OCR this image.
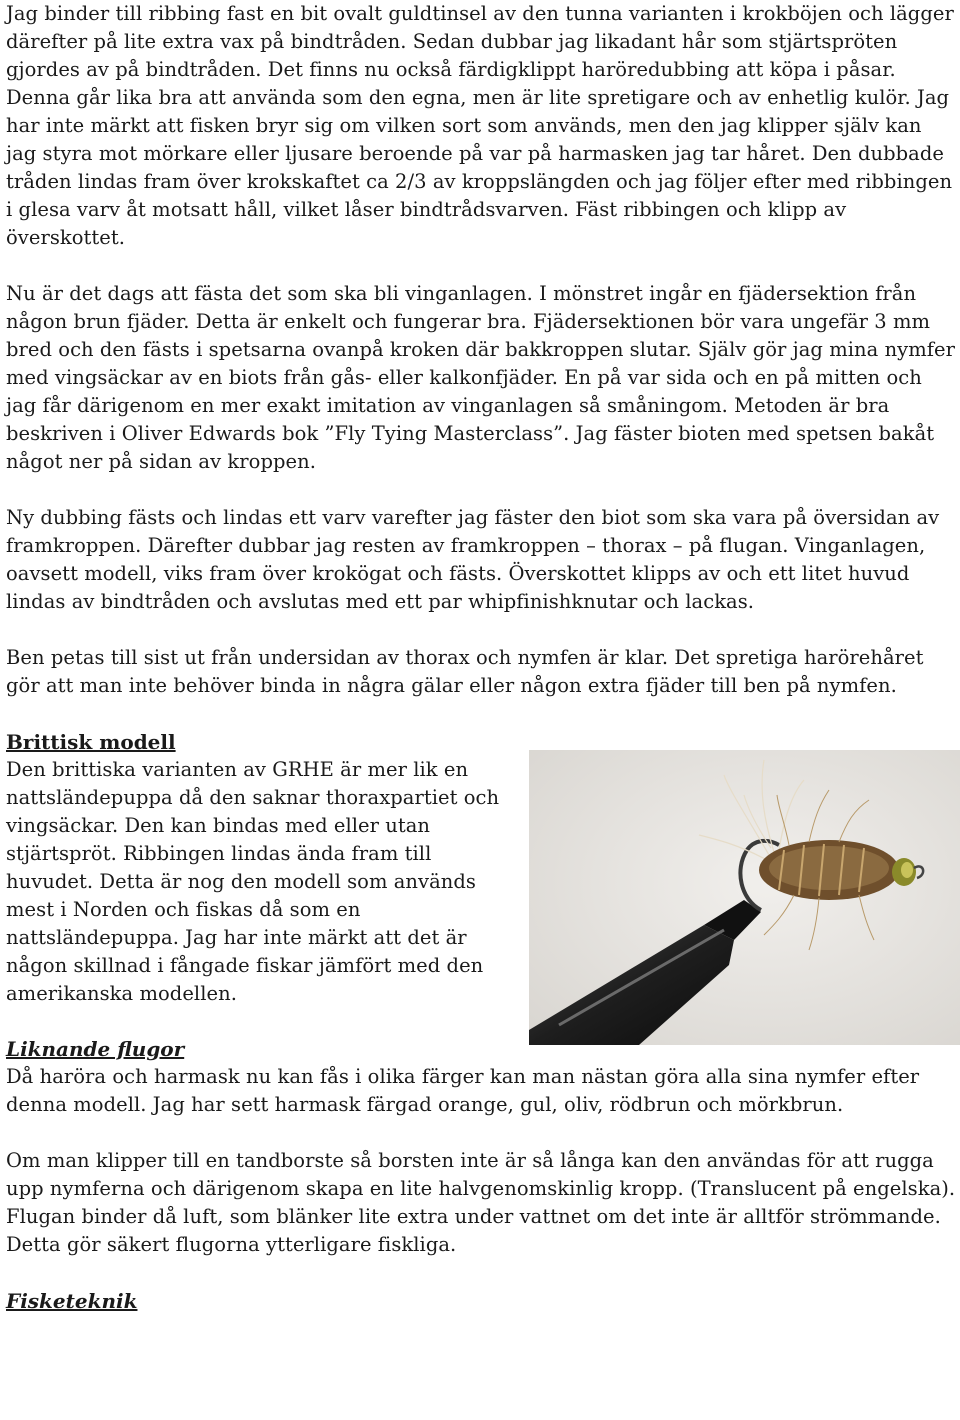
Jag binder till ribbing fast en bit ovalt guldtinsel av den tunna varianten i krokböjen och lägger därefter på lite extra vax på bindtråden. Sedan dubbar jag likadant hår som stjärtspröten gjordes av på bindtråden. Det finns nu också färdigklippt haröredubbing att köpa i påsar. Denna går lika bra att använda som den egna, men är lite spretigare och av enhetlig kulör. Jag har inte märkt att fisken bryr sig om vilken sort som används, men den jag klipper själv kan jag styra mot mörkare eller ljusare beroende på var på harmasken jag tar håret. Den dubbade tråden lindas fram över krokskaftet ca 2/3 av kroppslängden och jag följer efter med ribbingen i glesa varv åt motsatt håll, vilket låser bindtrådsvarven. Fäst ribbingen och klipp av överskottet.

Nu är det dags att fästa det som ska bli vinganlagen. I mönstret ingår en fjädersektion från någon brun fjäder. Detta är enkelt och fungerar bra. Fjädersektionen bör vara ungefär 3 mm bred och den fästs i spetsarna ovanpå kroken där bakkroppen slutar. Själv gör jag mina nymfer med vingsäckar av en biots från gås- eller kalkonfjäder. En på var sida och en på mitten och jag får därigenom en mer exakt imitation av vinganlagen så småningom. Metoden är bra beskriven i Oliver Edwards bok ”Fly Tying Masterclass”. Jag fäster bioten med spetsen bakåt något ner på sidan av kroppen.

Ny dubbing fästs och lindas ett varv varefter jag fäster den biot som ska vara på översidan av framkroppen. Därefter dubbar jag resten av framkroppen – thorax – på flugan. Vinganlagen, oavsett modell, viks fram över krokögat och fästs. Överskottet klipps av och ett litet huvud lindas av bindtråden och avslutas med ett par whipfinishknutar och lackas.

Ben petas till sist ut från undersidan av thorax och nymfen är klar. Det spretiga harörehåret gör att man inte behöver binda in några gälar eller någon extra fjäder till ben på nymfen.

Brittisk modell

Den brittiska varianten av GRHE är mer lik en nattsländepuppa då den saknar thoraxpartiet och vingsäckar. Den kan bindas med eller utan stjärtspröt. Ribbingen lindas ända fram till huvudet. Detta är nog den modell som används mest i Norden och fiskas då som en nattsländepuppa. Jag har inte märkt att det är någon skillnad i fångade fiskar jämfört med den amerikanska modellen.

Liknande flugor

Då haröra och harmask nu kan fås i olika färger kan man nästan göra alla sina nymfer efter denna modell. Jag har sett harmask färgad orange, gul, oliv, rödbrun och mörkbrun.

Om man klipper till en tandborste så borsten inte är så långa kan den användas för att rugga upp nymferna och därigenom skapa en lite halvgenomskinlig kropp. (Translucent på engelska). Flugan binder då luft, som blänker lite extra under vattnet om det inte är alltför strömmande. Detta gör säkert flugorna ytterligare fiskliga.

Fisketeknik
